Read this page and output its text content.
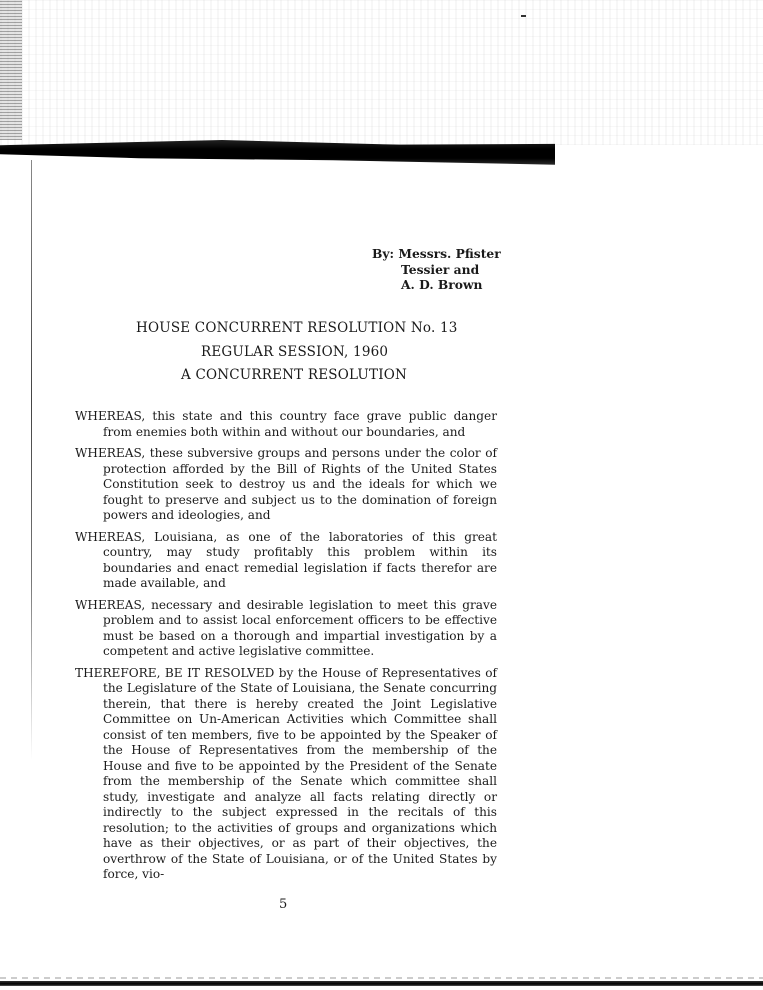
By: Messrs. Pfister
Tessier and
A. D. Brown
HOUSE CONCURRENT RESOLUTION No. 13
REGULAR SESSION, 1960
A CONCURRENT RESOLUTION

WHEREAS, this state and this country face grave public danger from enemies both within and without our boundaries, and

WHEREAS, these subversive groups and persons under the color of protection afforded by the Bill of Rights of the United States Constitution seek to destroy us and the ideals for which we fought to preserve and subject us to the domination of foreign powers and ideologies, and

WHEREAS, Louisiana, as one of the laboratories of this great country, may study profitably this problem within its boundaries and enact remedial legislation if facts therefor are made available, and

WHEREAS, necessary and desirable legislation to meet this grave problem and to assist local enforcement officers to be effective must be based on a thorough and impartial investigation by a competent and active legislative committee.

THEREFORE, BE IT RESOLVED by the House of Representatives of the Legislature of the State of Louisiana, the Senate concurring therein, that there is hereby created the Joint Legislative Committee on Un-American Activities which Committee shall consist of ten members, five to be appointed by the Speaker of the House of Representatives from the membership of the House and five to be appointed by the President of the Senate from the membership of the Senate which committee shall study, investigate and analyze all facts relating directly or indirectly to the subject expressed in the recitals of this resolution; to the activities of groups and organizations which have as their objectives, or as part of their objectives, the overthrow of the State of Louisiana, or of the United States by force, vio-

5
